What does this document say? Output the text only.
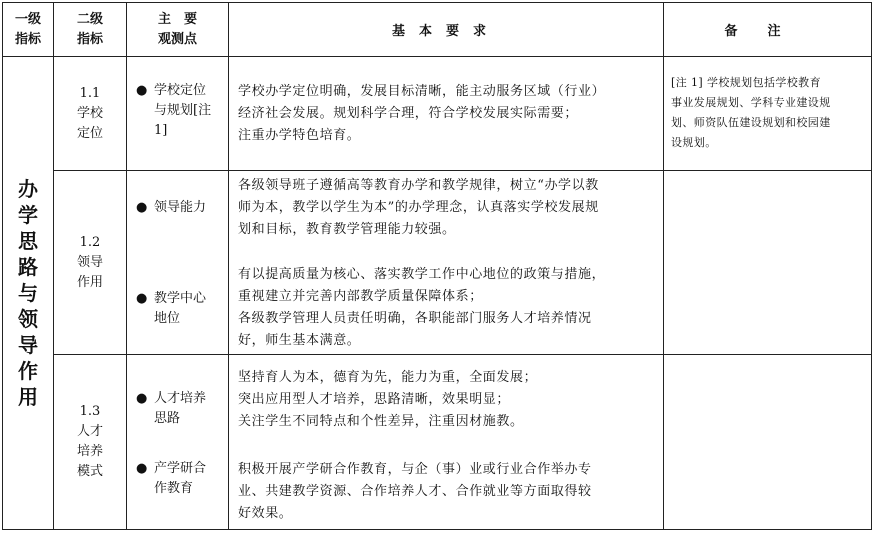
一级
指标
二级
指标
主　要
观测点	基本要求	备注
办
学
思
路
与
领
导
作
用
1.1
学校
定位
● 学校定位
与规划[注
1]
学校办学定位明确，发展目标清晰，能主动服务区域（行业）
经济社会发展。规划科学合理，符合学校发展实际需要；
注重办学特色培育。
[注 1] 学校规划包括学校教育
事业发展规划、学科专业建设规
划、师资队伍建设规划和校园建
设规划。
1.2
领导
作用
● 领导能力
● 教学中心
地位
各级领导班子遵循高等教育办学和教学规律，树立“办学以教
师为本，教学以学生为本”的办学理念，认真落实学校发展规
划和目标，教育教学管理能力较强。
有以提高质量为核心、落实教学工作中心地位的政策与措施，
重视建立并完善内部教学质量保障体系；
各级教学管理人员责任明确，各职能部门服务人才培养情况
好，师生基本满意。
1.3
人才
培养
模式
● 人才培养
思路
● 产学研合
作教育
坚持育人为本，德育为先，能力为重，全面发展；
突出应用型人才培养，思路清晰，效果明显；
关注学生不同特点和个性差异，注重因材施教。
积极开展产学研合作教育，与企（事）业或行业合作举办专
业、共建教学资源、合作培养人才、合作就业等方面取得较
好效果。
